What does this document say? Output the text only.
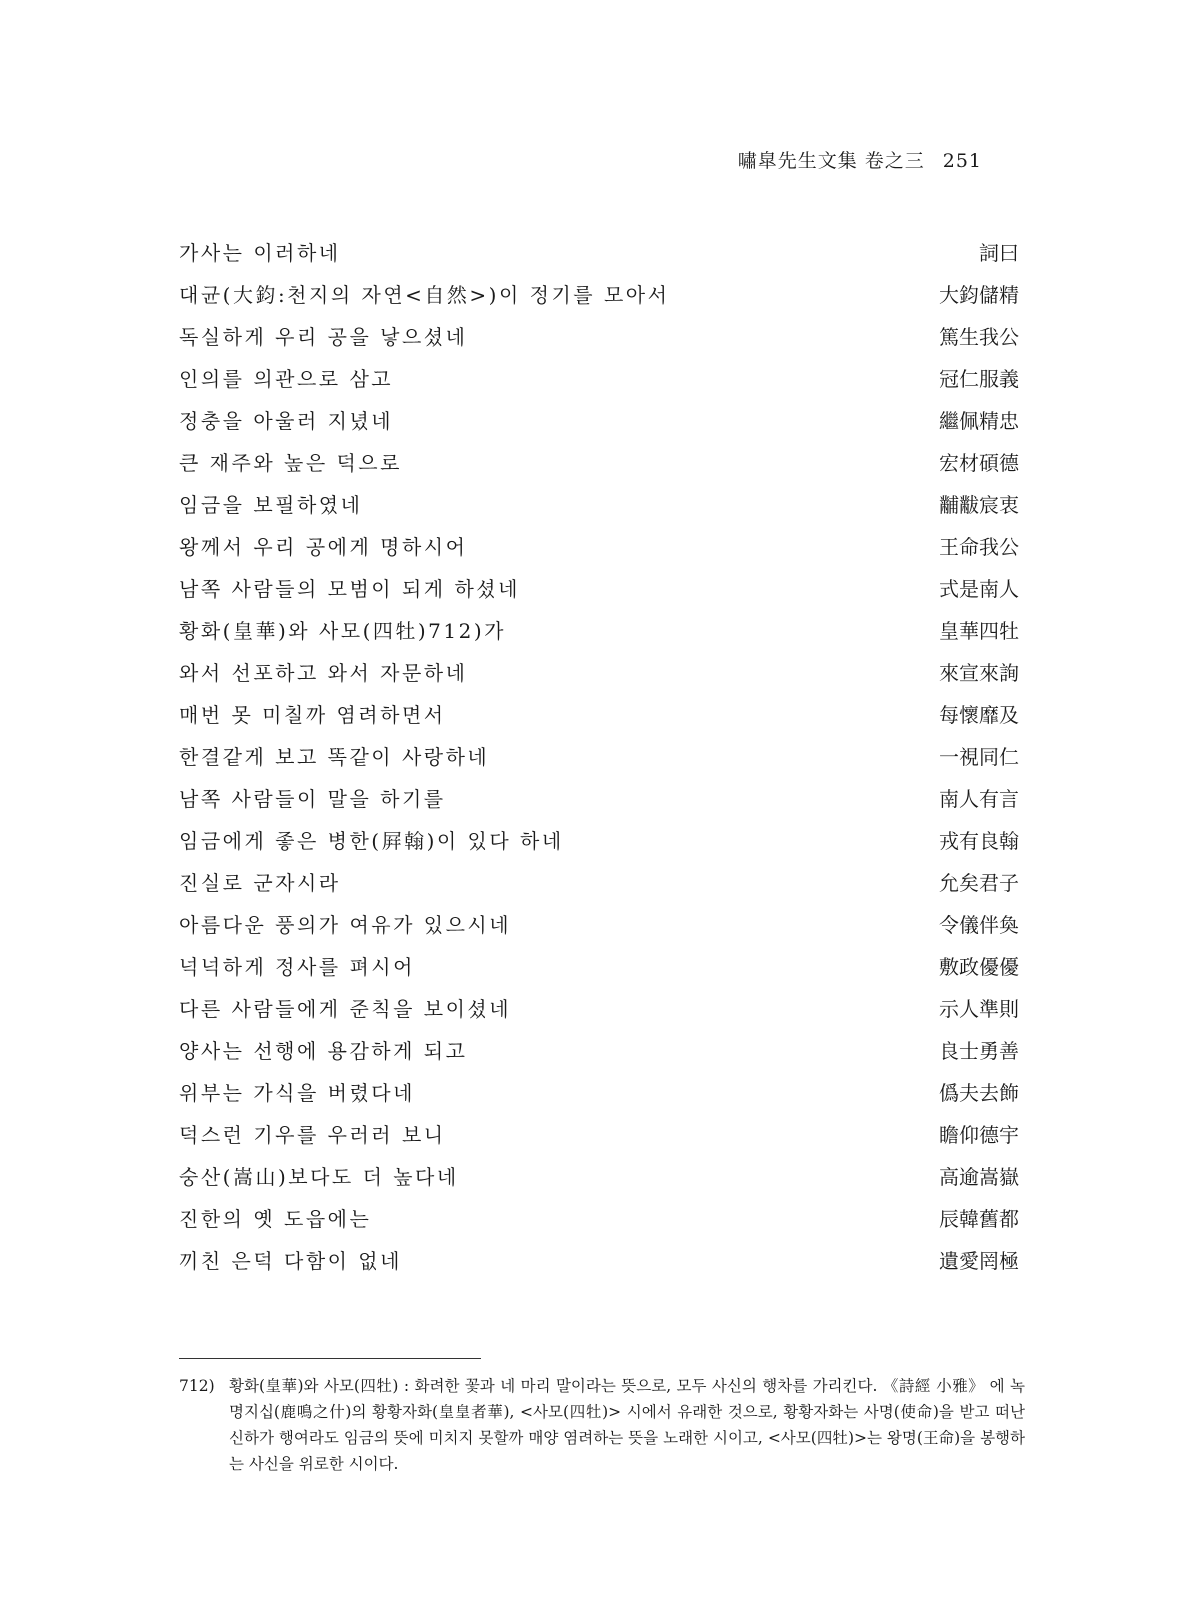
嘯皐先生文集 卷之三 251
가사는 이러하네	詞曰
대균(大鈞:천지의 자연<自然>)이 정기를 모아서	大鈞儲精
독실하게 우리 공을 낳으셨네	篤生我公
인의를 의관으로 삼고	冠仁服義
정충을 아울러 지녔네	繼佩精忠
큰 재주와 높은 덕으로	宏材碩德
임금을 보필하였네	黼黻宸衷
왕께서 우리 공에게 명하시어	王命我公
남쪽 사람들의 모범이 되게 하셨네	式是南人
황화(皇華)와 사모(四牡)712)가	皇華四牡
와서 선포하고 와서 자문하네	來宣來詢
매번 못 미칠까 염려하면서	每懷靡及
한결같게 보고 똑같이 사랑하네	一視同仁
남쪽 사람들이 말을 하기를	南人有言
임금에게 좋은 병한(屛翰)이 있다 하네	戎有良翰
진실로 군자시라	允矣君子
아름다운 풍의가 여유가 있으시네	令儀伴奐
넉넉하게 정사를 펴시어	敷政優優
다른 사람들에게 준칙을 보이셨네	示人準則
양사는 선행에 용감하게 되고	良士勇善
위부는 가식을 버렸다네	僞夫去飾
덕스런 기우를 우러러 보니	瞻仰德宇
숭산(嵩山)보다도 더 높다네	高逾嵩嶽
진한의 옛 도읍에는	辰韓舊都
끼친 은덕 다함이 없네	遺愛罔極
712) 황화(皇華)와 사모(四牡) : 화려한 꽃과 네 마리 말이라는 뜻으로, 모두 사신의 행차를 가리킨다. 《詩經 小雅》 에 녹명지십(鹿鳴之什)의 황황자화(皇皇者華), <사모(四牡)> 시에서 유래한 것으로, 황황자화는 사명(使命)을 받고 떠난 신하가 행여라도 임금의 뜻에 미치지 못할까 매양 염려하는 뜻을 노래한 시이고, <사모(四牡)>는 왕명(王命)을 봉행하는 사신을 위로한 시이다.
